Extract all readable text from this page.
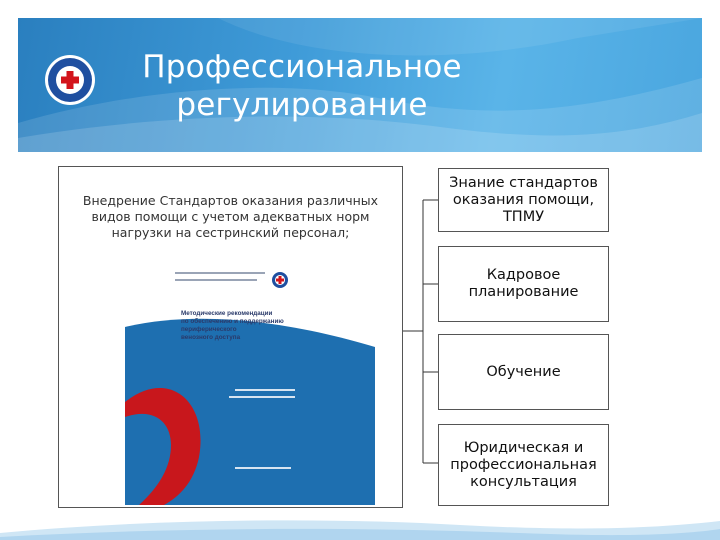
Профессиональное
регулирование
Внедрение Стандартов оказания различных видов помощи с учетом адекватных норм нагрузки на сестринский персонал;
Методические рекомендации по обеспечению и поддержанию периферического венозного доступа
Знание стандартов оказания помощи, ТПМУ
Кадровое планирование
Обучение
Юридическая и профессиональная консультация
